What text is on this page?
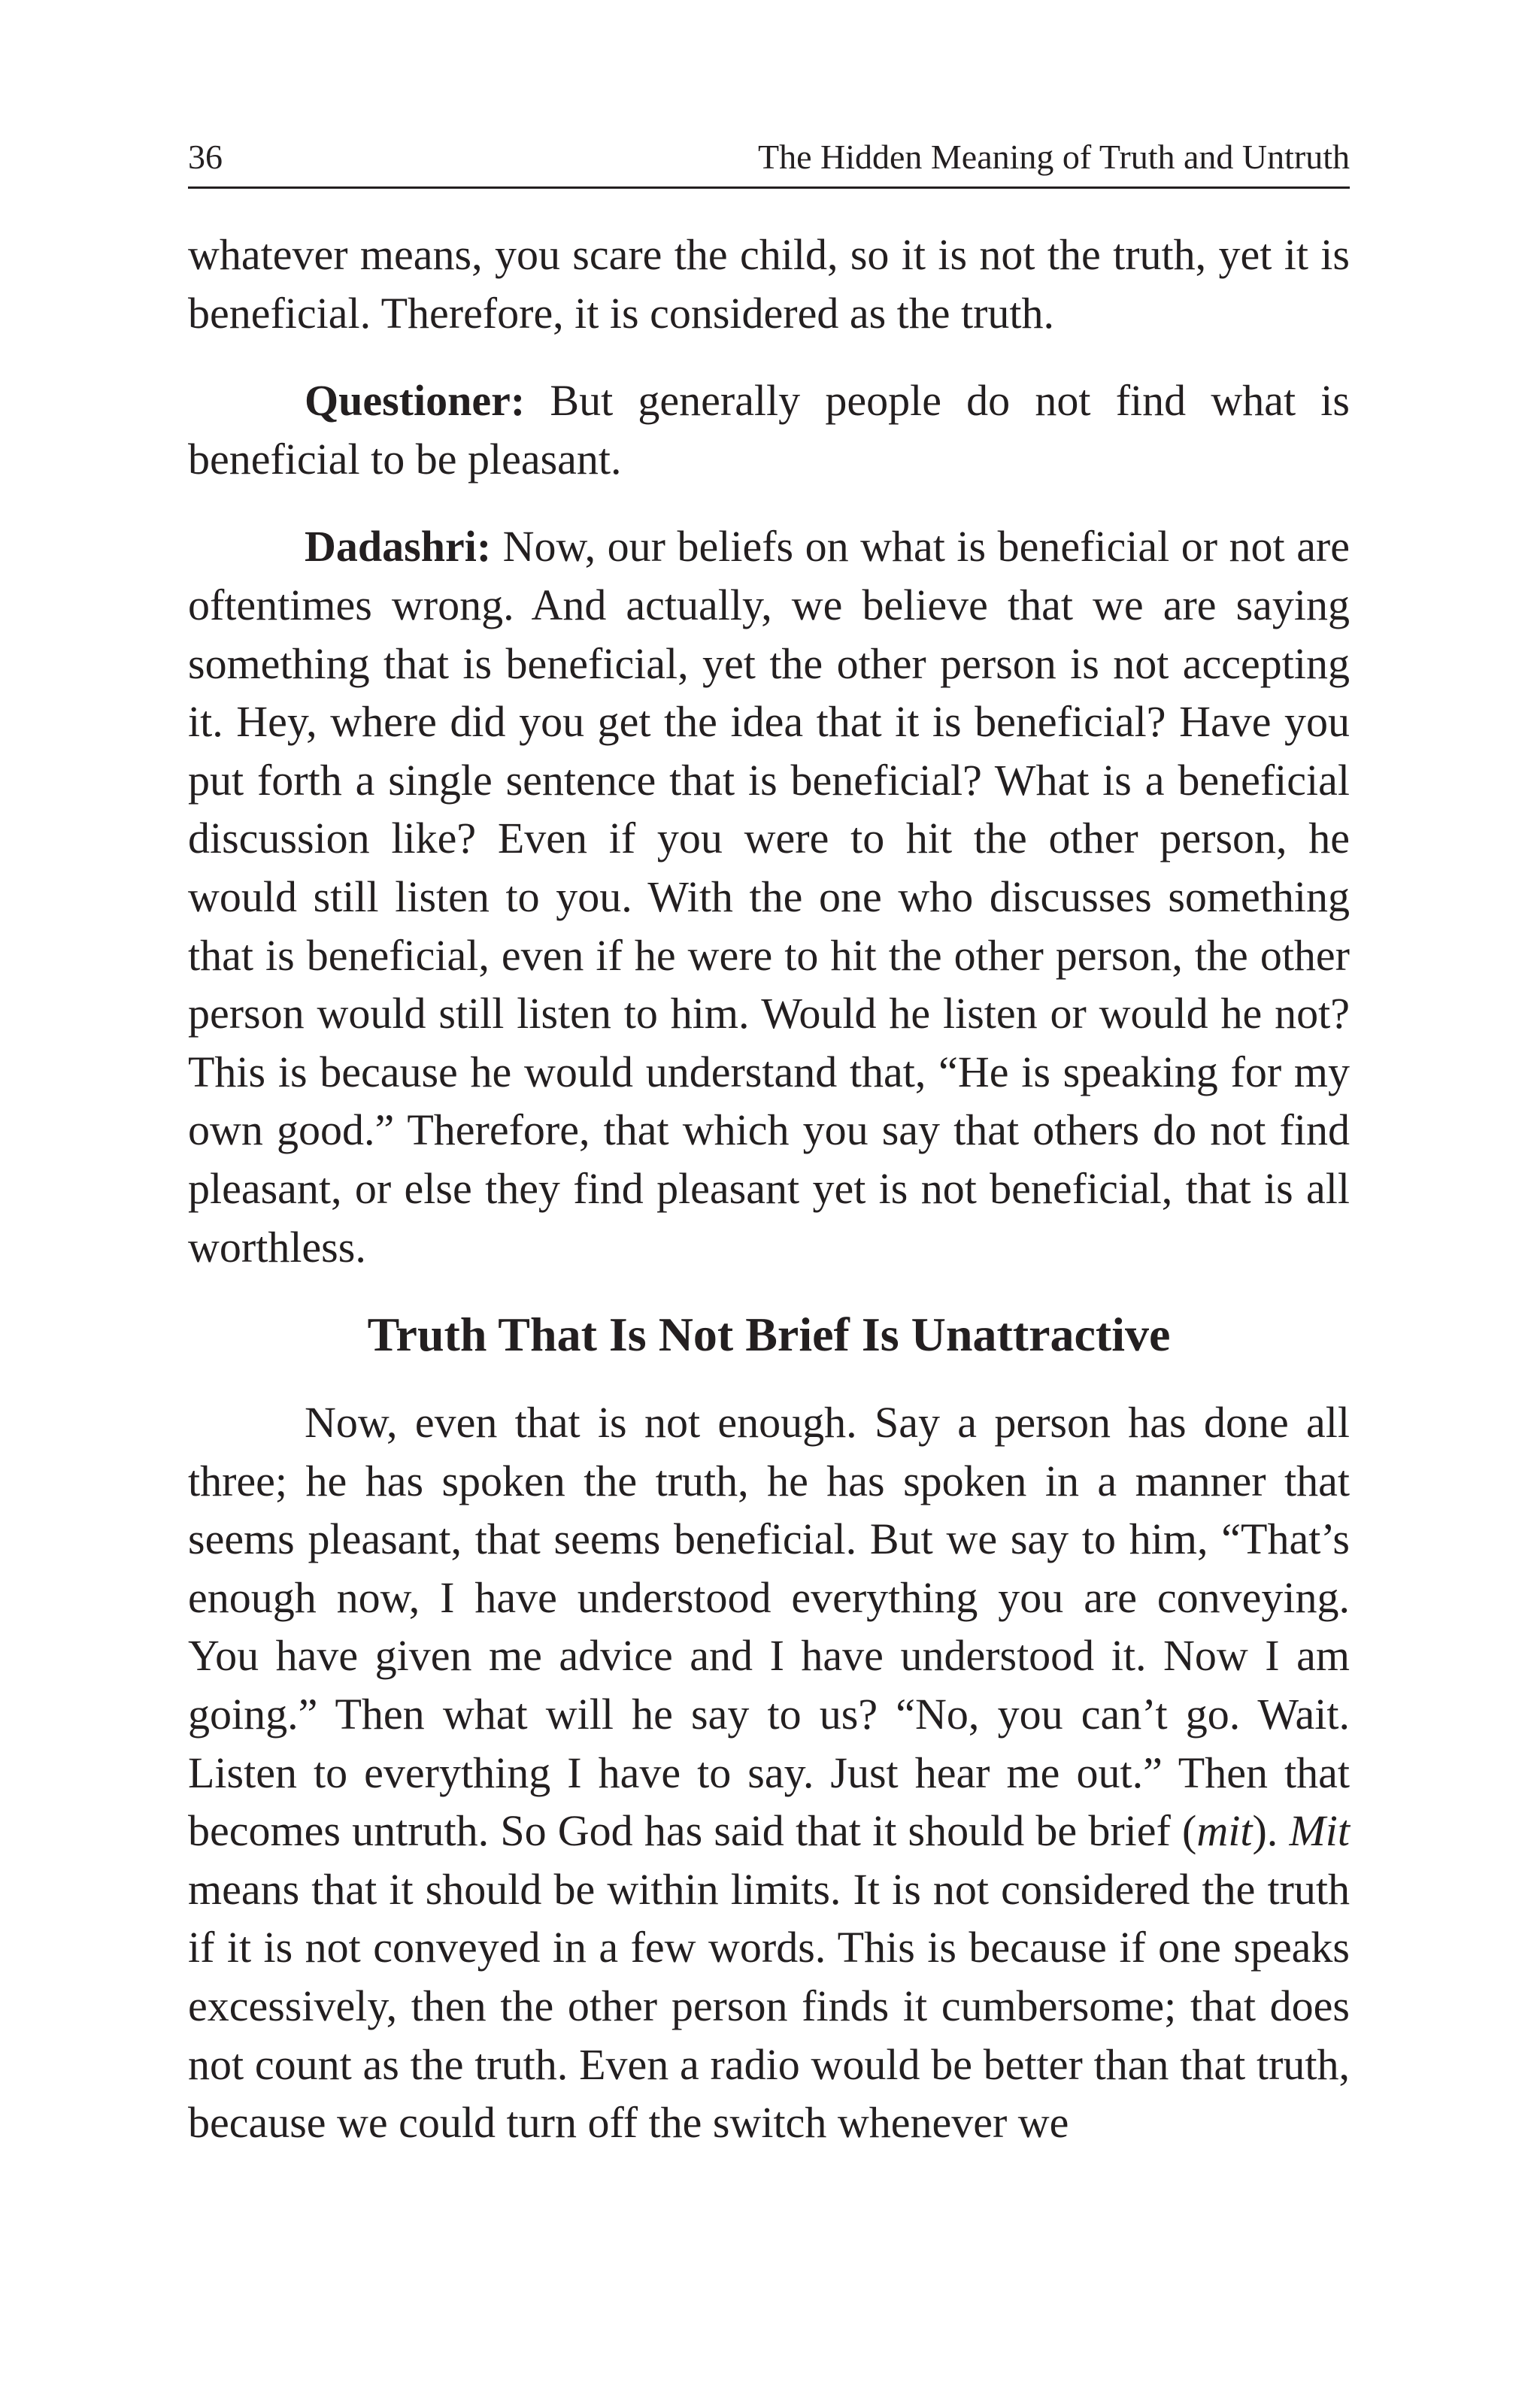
36	The Hidden Meaning of Truth and Untruth

whatever means, you scare the child, so it is not the truth, yet it is beneficial. Therefore, it is considered as the truth.

Questioner: But generally people do not find what is beneficial to be pleasant.

Dadashri: Now, our beliefs on what is beneficial or not are oftentimes wrong. And actually, we believe that we are saying something that is beneficial, yet the other person is not accepting it. Hey, where did you get the idea that it is beneficial? Have you put forth a single sentence that is beneficial? What is a beneficial discussion like? Even if you were to hit the other person, he would still listen to you. With the one who discusses something that is beneficial, even if he were to hit the other person, the other person would still listen to him. Would he listen or would he not? This is because he would understand that, “He is speaking for my own good.” Therefore, that which you say that others do not find pleasant, or else they find pleasant yet is not beneficial, that is all worthless.

Truth That Is Not Brief Is Unattractive

Now, even that is not enough. Say a person has done all three; he has spoken the truth, he has spoken in a manner that seems pleasant, that seems beneficial. But we say to him, “That’s enough now, I have understood everything you are conveying. You have given me advice and I have understood it. Now I am going.” Then what will he say to us? “No, you can’t go. Wait. Listen to everything I have to say. Just hear me out.” Then that becomes untruth. So God has said that it should be brief (mit). Mit means that it should be within limits. It is not considered the truth if it is not conveyed in a few words. This is because if one speaks excessively, then the other person finds it cumbersome; that does not count as the truth. Even a radio would be better than that truth, because we could turn off the switch whenever we
